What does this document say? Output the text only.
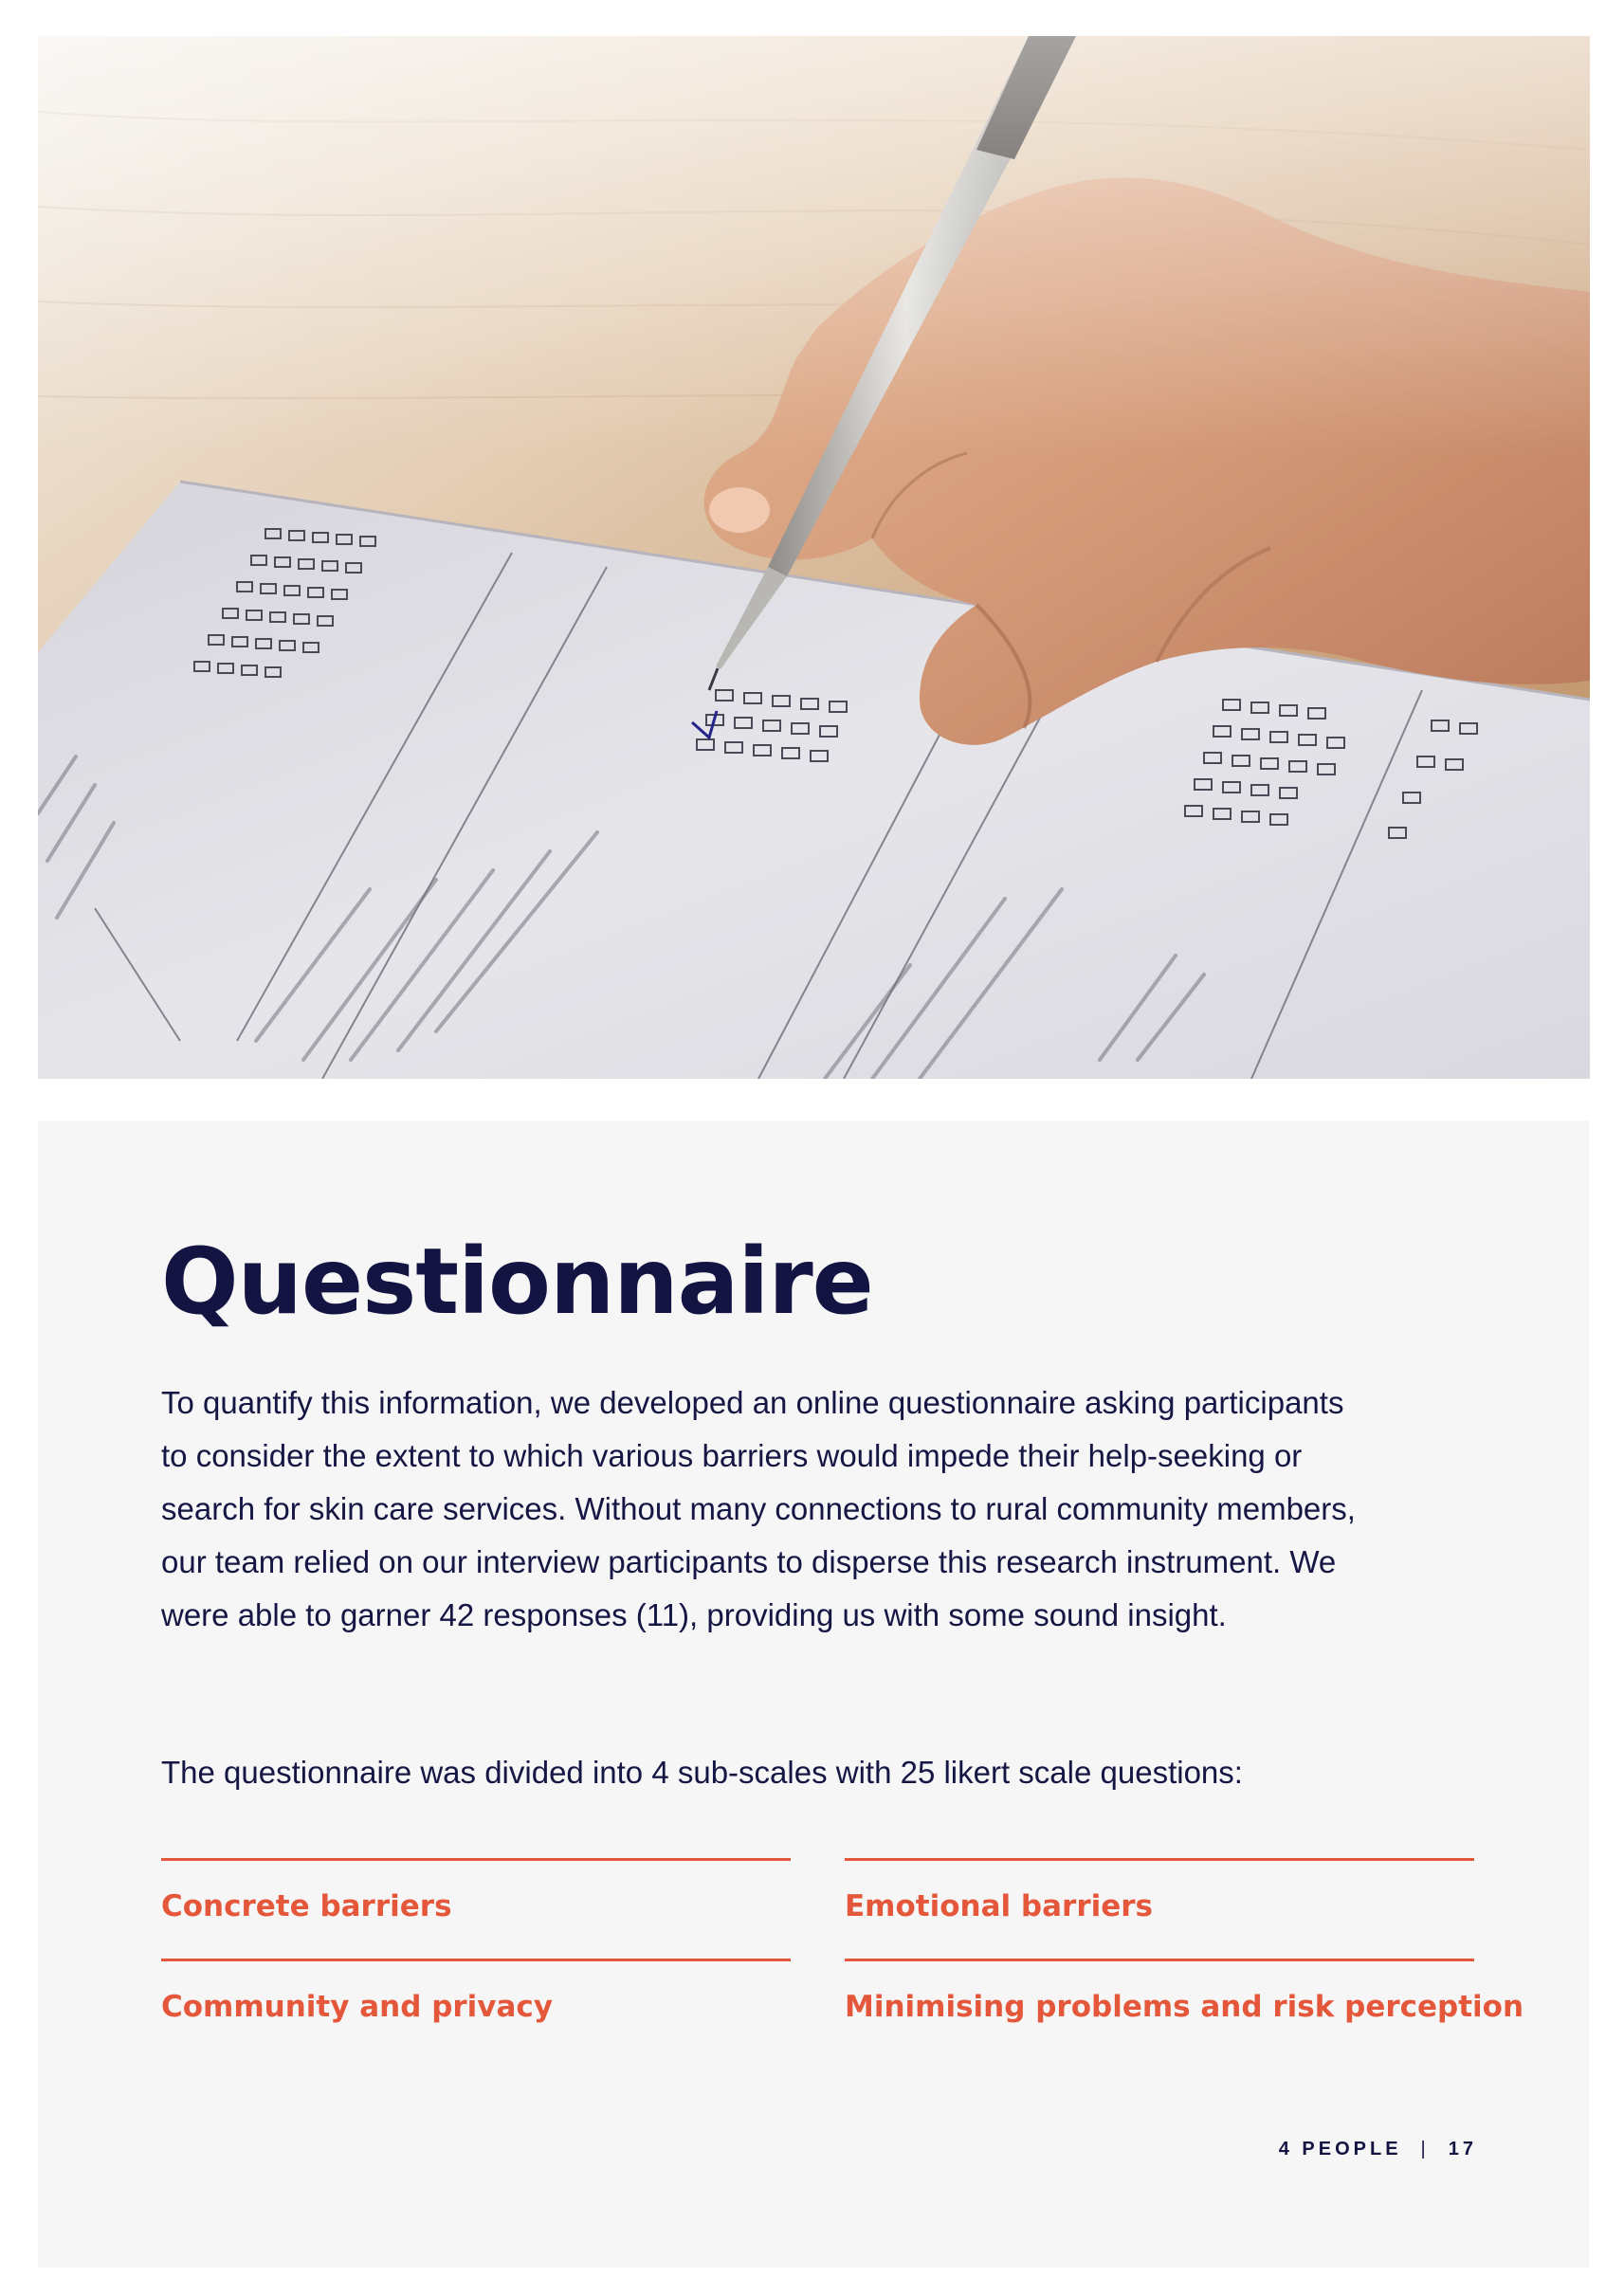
Questionnaire

To quantify this information, we developed an online questionnaire asking participants
to consider the extent to which various barriers would impede their help-seeking or
search for skin care services. Without many connections to rural community members,
our team relied on our interview participants to disperse this research instrument. We
were able to garner 42 responses (11), providing us with some sound insight.

The questionnaire was divided into 4 sub-scales with 25 likert scale questions:

Concrete barriers	Emotional barriers
Community and privacy	Minimising problems and risk perception
4 PEOPLE | 17
